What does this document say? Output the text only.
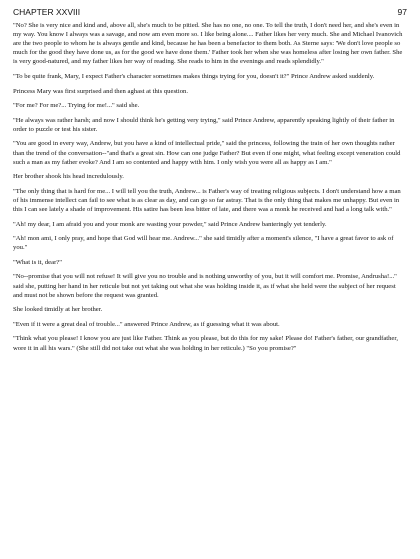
CHAPTER XXVIII	97

"No? She is very nice and kind and, above all, she's much to be pitied. She has no one, no one. To tell the truth, I don't need her, and she's even in my way. You know I always was a savage, and now am even more so. I like being alone.... Father likes her very much. She and Michael Ivanovich are the two people to whom he is always gentle and kind, because he has been a benefactor to them both. As Sterne says: 'We don't love people so much for the good they have done us, as for the good we have done them.' Father took her when she was homeless after losing her own father. She is very good-natured, and my father likes her way of reading. She reads to him in the evenings and reads splendidly."

"To be quite frank, Mary, I expect Father's character sometimes makes things trying for you, doesn't it?" Prince Andrew asked suddenly.

Princess Mary was first surprised and then aghast at this question.

"For me? For me?... Trying for me!..." said she.

"He always was rather harsh; and now I should think he's getting very trying," said Prince Andrew, apparently speaking lightly of their father in order to puzzle or test his sister.

"You are good in every way, Andrew, but you have a kind of intellectual pride," said the princess, following the train of her own thoughts rather than the trend of the conversation--"and that's a great sin. How can one judge Father? But even if one might, what feeling except veneration could such a man as my father evoke? And I am so contented and happy with him. I only wish you were all as happy as I am."

Her brother shook his head incredulously.

"The only thing that is hard for me... I will tell you the truth, Andrew... is Father's way of treating religious subjects. I don't understand how a man of his immense intellect can fail to see what is as clear as day, and can go so far astray. That is the only thing that makes me unhappy. But even in this I can see lately a shade of improvement. His satire has been less bitter of late, and there was a monk he received and had a long talk with."

"Ah! my dear, I am afraid you and your monk are wasting your powder," said Prince Andrew banteringly yet tenderly.

"Ah! mon ami, I only pray, and hope that God will hear me. Andrew..." she said timidly after a moment's silence, "I have a great favor to ask of you."

"What is it, dear?"

"No--promise that you will not refuse! It will give you no trouble and is nothing unworthy of you, but it will comfort me. Promise, Andrusha!..." said she, putting her hand in her reticule but not yet taking out what she was holding inside it, as if what she held were the subject of her request and must not be shown before the request was granted.

She looked timidly at her brother.

"Even if it were a great deal of trouble..." answered Prince Andrew, as if guessing what it was about.

"Think what you please! I know you are just like Father. Think as you please, but do this for my sake! Please do! Father's father, our grandfather, wore it in all his wars." (She still did not take out what she was holding in her reticule.) "So you promise?"
